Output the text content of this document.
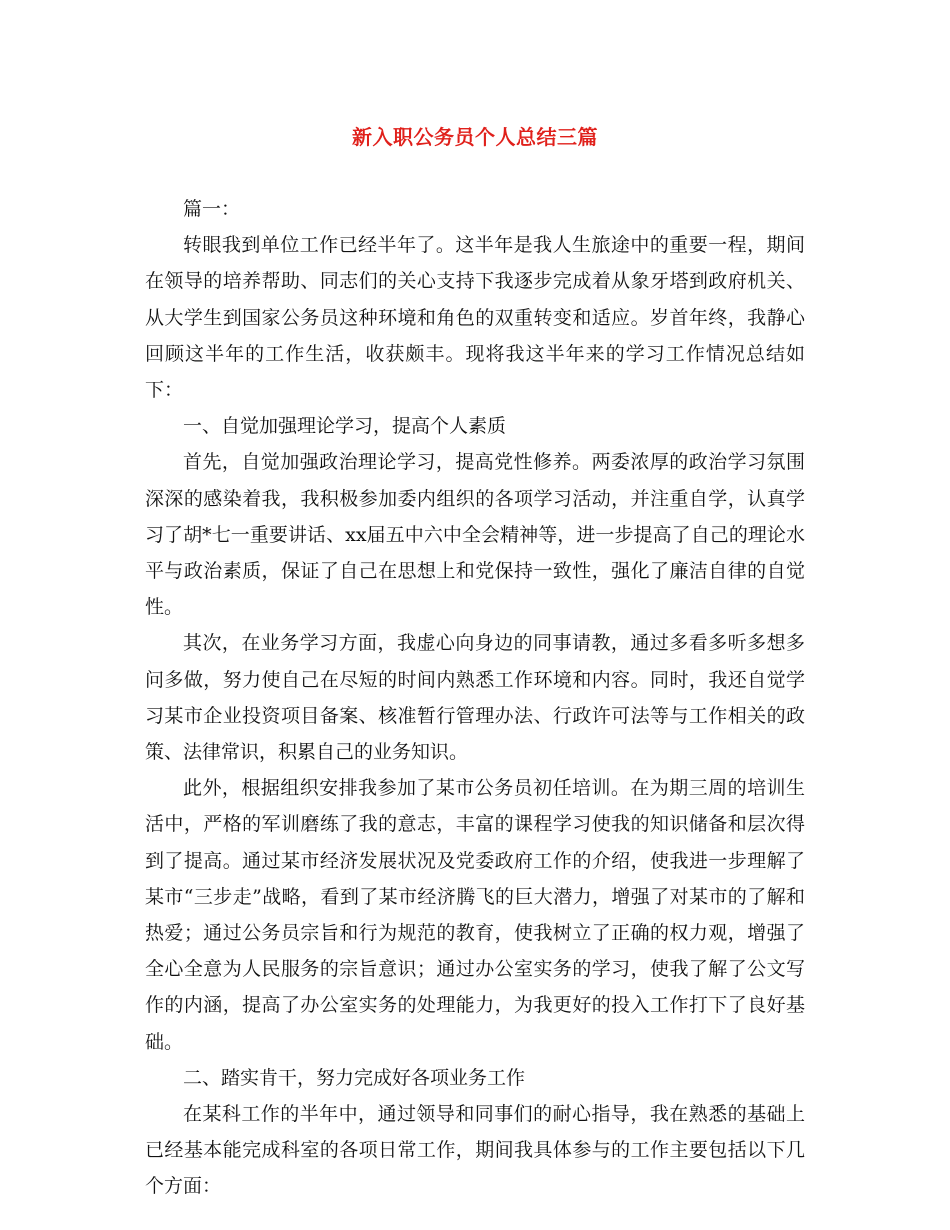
新入职公务员个人总结三篇

篇一：

转眼我到单位工作已经半年了。这半年是我人生旅途中的重要一程，期间在领导的培养帮助、同志们的关心支持下我逐步完成着从象牙塔到政府机关、从大学生到国家公务员这种环境和角色的双重转变和适应。岁首年终，我静心回顾这半年的工作生活，收获颇丰。现将我这半年来的学习工作情况总结如下：

一、自觉加强理论学习，提高个人素质

首先，自觉加强政治理论学习，提高党性修养。两委浓厚的政治学习氛围深深的感染着我，我积极参加委内组织的各项学习活动，并注重自学，认真学习了胡*七一重要讲话、xx届五中六中全会精神等，进一步提高了自己的理论水平与政治素质，保证了自己在思想上和党保持一致性，强化了廉洁自律的自觉性。

其次，在业务学习方面，我虚心向身边的同事请教，通过多看多听多想多问多做，努力使自己在尽短的时间内熟悉工作环境和内容。同时，我还自觉学习某市企业投资项目备案、核准暂行管理办法、行政许可法等与工作相关的政策、法律常识，积累自己的业务知识。

此外，根据组织安排我参加了某市公务员初任培训。在为期三周的培训生活中，严格的军训磨练了我的意志，丰富的课程学习使我的知识储备和层次得到了提高。通过某市经济发展状况及党委政府工作的介绍，使我进一步理解了某市“三步走”战略，看到了某市经济腾飞的巨大潜力，增强了对某市的了解和热爱；通过公务员宗旨和行为规范的教育，使我树立了正确的权力观，增强了全心全意为人民服务的宗旨意识；通过办公室实务的学习，使我了解了公文写作的内涵，提高了办公室实务的处理能力，为我更好的投入工作打下了良好基础。

二、踏实肯干，努力完成好各项业务工作

在某科工作的半年中，通过领导和同事们的耐心指导，我在熟悉的基础上已经基本能完成科室的各项日常工作，期间我具体参与的工作主要包括以下几个方面：
